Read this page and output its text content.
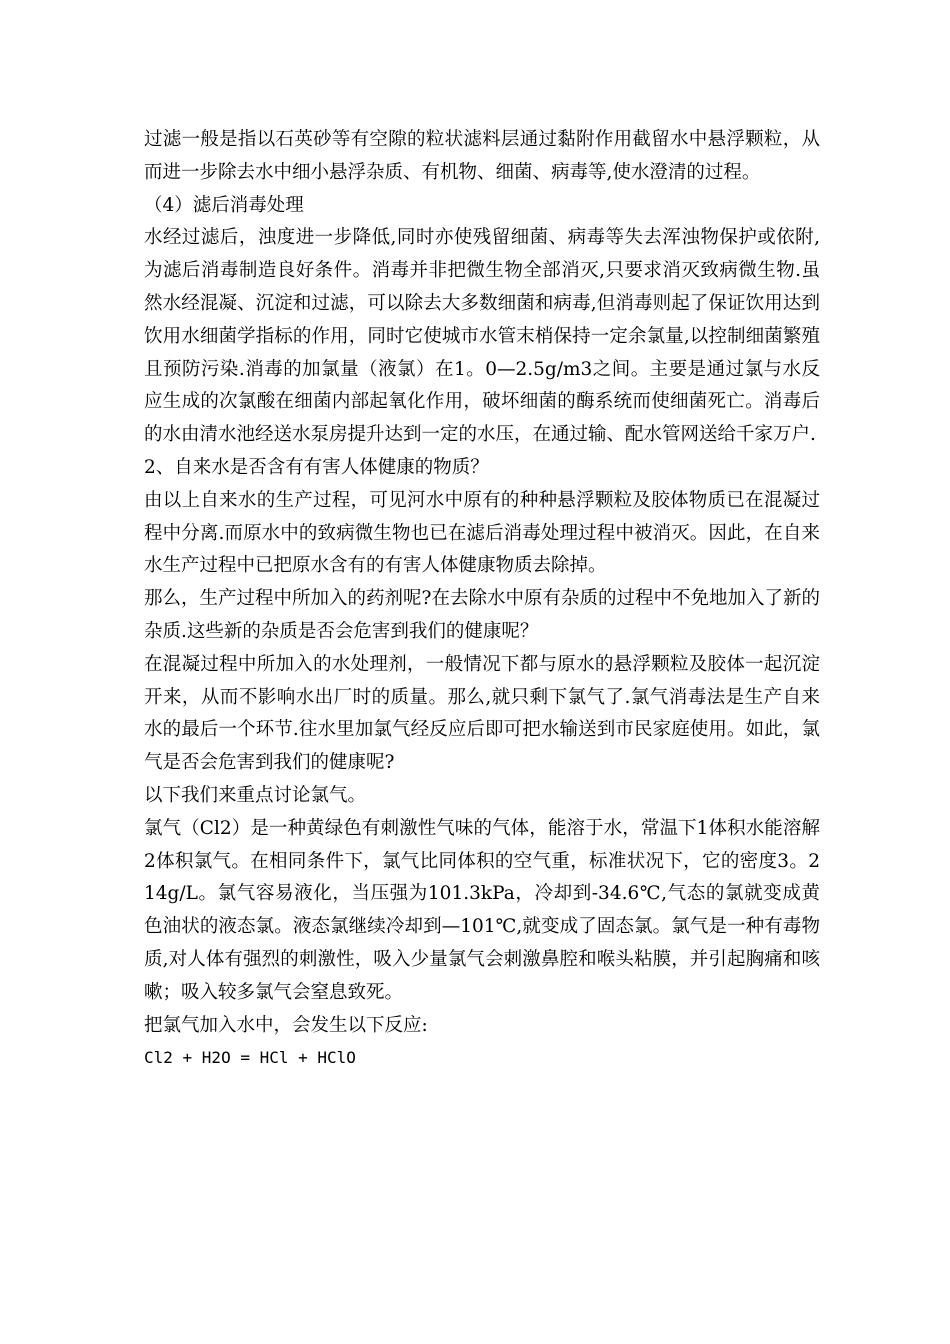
过滤一般是指以石英砂等有空隙的粒状滤料层通过黏附作用截留水中悬浮颗粒，从而进一步除去水中细小悬浮杂质、有机物、细菌、病毒等,使水澄清的过程。

（4）滤后消毒处理

水经过滤后，浊度进一步降低,同时亦使残留细菌、病毒等失去浑浊物保护或依附,为滤后消毒制造良好条件。消毒并非把微生物全部消灭,只要求消灭致病微生物.虽然水经混凝、沉淀和过滤，可以除去大多数细菌和病毒,但消毒则起了保证饮用达到饮用水细菌学指标的作用，同时它使城市水管末梢保持一定余氯量,以控制细菌繁殖且预防污染.消毒的加氯量（液氯）在1。0—2.5g/m3之间。主要是通过氯与水反应生成的次氯酸在细菌内部起氧化作用，破坏细菌的酶系统而使细菌死亡。消毒后的水由清水池经送水泵房提升达到一定的水压，在通过输、配水管网送给千家万户.

2、自来水是否含有有害人体健康的物质？

由以上自来水的生产过程，可见河水中原有的种种悬浮颗粒及胶体物质已在混凝过程中分离.而原水中的致病微生物也已在滤后消毒处理过程中被消灭。因此，在自来水生产过程中已把原水含有的有害人体健康物质去除掉。

那么，生产过程中所加入的药剂呢?在去除水中原有杂质的过程中不免地加入了新的杂质.这些新的杂质是否会危害到我们的健康呢？

在混凝过程中所加入的水处理剂，一般情况下都与原水的悬浮颗粒及胶体一起沉淀开来，从而不影响水出厂时的质量。那么,就只剩下氯气了.氯气消毒法是生产自来水的最后一个环节.往水里加氯气经反应后即可把水输送到市民家庭使用。如此，氯气是否会危害到我们的健康呢?

以下我们来重点讨论氯气。

氯气（Cl2）是一种黄绿色有刺激性气味的气体，能溶于水，常温下1体积水能溶解2体积氯气。在相同条件下，氯气比同体积的空气重，标准状况下，它的密度3。214g/L。氯气容易液化，当压强为101.3kPa，冷却到-34.6℃,气态的氯就变成黄色油状的液态氯。液态氯继续冷却到—101℃,就变成了固态氯。氯气是一种有毒物质,对人体有强烈的刺激性，吸入少量氯气会刺激鼻腔和喉头粘膜，并引起胸痛和咳嗽；吸入较多氯气会窒息致死。

把氯气加入水中，会发生以下反应:

Cl2 + H2O = HCl + HClO
